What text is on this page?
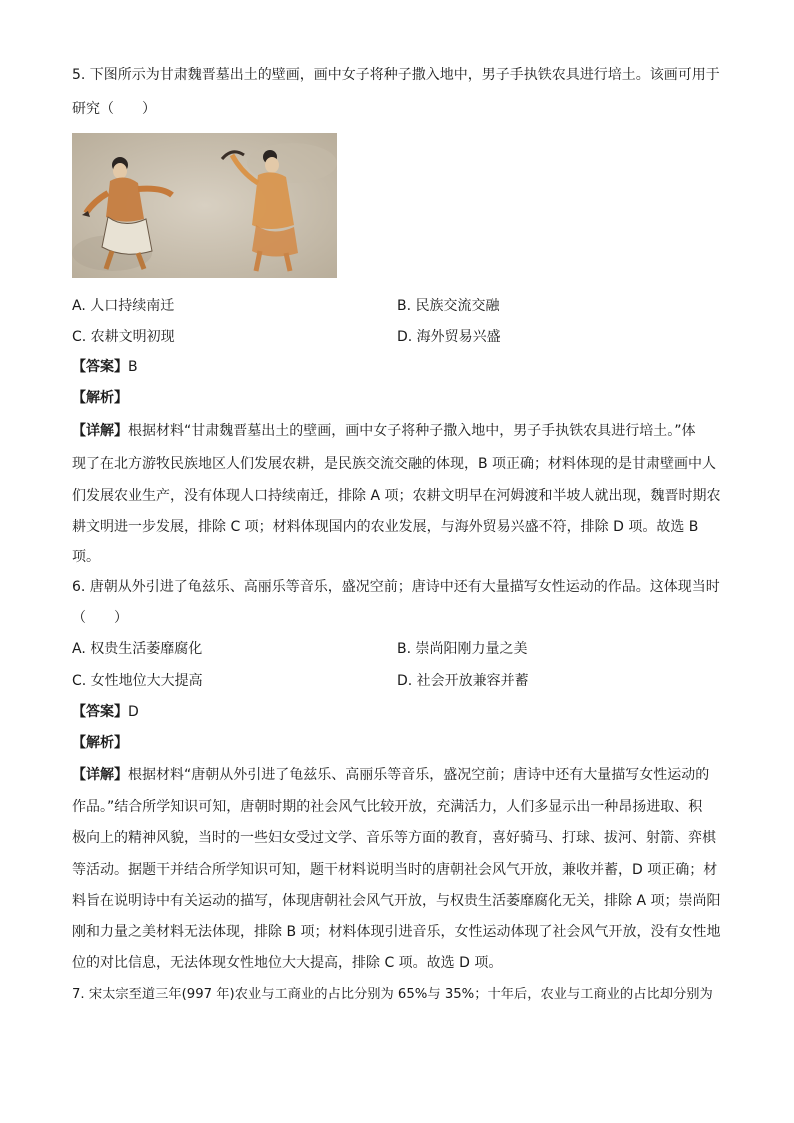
5. 下图所示为甘肃魏晋墓出土的壁画，画中女子将种子撒入地中，男子手执铁农具进行培土。该画可用于
研究（　　）
A. 人口持续南迁	B. 民族交流交融
C. 农耕文明初现	D. 海外贸易兴盛
【答案】B
【解析】
【详解】根据材料“甘肃魏晋墓出土的壁画，画中女子将种子撒入地中，男子手执铁农具进行培土。”体
现了在北方游牧民族地区人们发展农耕，是民族交流交融的体现，B 项正确；材料体现的是甘肃壁画中人
们发展农业生产，没有体现人口持续南迁，排除 A 项；农耕文明早在河姆渡和半坡人就出现，魏晋时期农
耕文明进一步发展，排除 C 项；材料体现国内的农业发展，与海外贸易兴盛不符，排除 D 项。故选 B
项。
6. 唐朝从外引进了龟兹乐、高丽乐等音乐，盛况空前；唐诗中还有大量描写女性运动的作品。这体现当时
（　　）
A. 权贵生活萎靡腐化	B. 崇尚阳刚力量之美
C. 女性地位大大提高	D. 社会开放兼容并蓄
【答案】D
【解析】
【详解】根据材料“唐朝从外引进了龟兹乐、高丽乐等音乐，盛况空前；唐诗中还有大量描写女性运动的
作品。”结合所学知识可知，唐朝时期的社会风气比较开放，充满活力，人们多显示出一种昂扬进取、积
极向上的精神风貌，当时的一些妇女受过文学、音乐等方面的教育，喜好骑马、打球、拔河、射箭、弈棋
等活动。据题干并结合所学知识可知，题干材料说明当时的唐朝社会风气开放，兼收并蓄，D 项正确；材
料旨在说明诗中有关运动的描写，体现唐朝社会风气开放，与权贵生活萎靡腐化无关，排除 A 项；崇尚阳
刚和力量之美材料无法体现，排除 B 项；材料体现引进音乐，女性运动体现了社会风气开放，没有女性地
位的对比信息，无法体现女性地位大大提高，排除 C 项。故选 D 项。
7. 宋太宗至道三年(997 年)农业与工商业的占比分别为 65%与 35%；十年后，农业与工商业的占比却分别为
